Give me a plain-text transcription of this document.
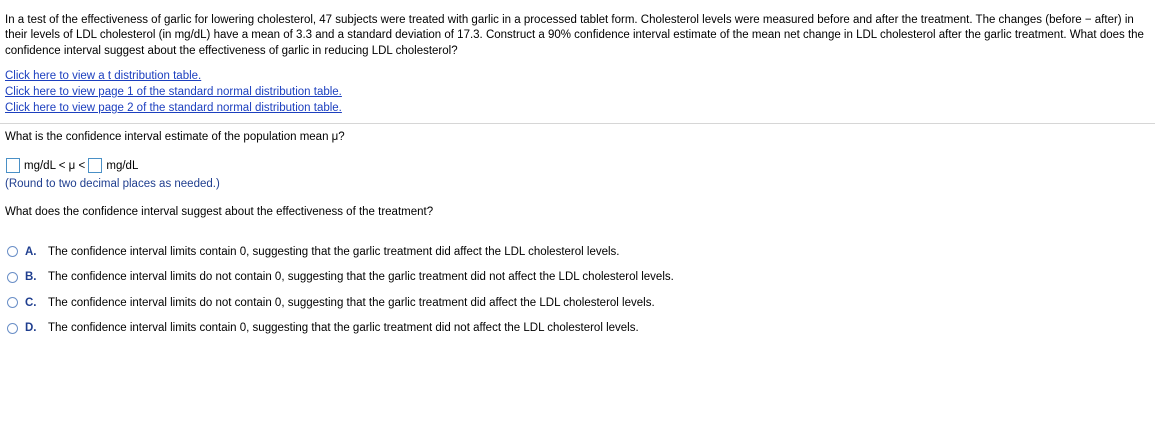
In a test of the effectiveness of garlic for lowering cholesterol, 47 subjects were treated with garlic in a processed tablet form. Cholesterol levels were measured before and after the treatment. The changes (before − after) in their levels of LDL cholesterol (in mg/dL) have a mean of 3.3 and a standard deviation of 17.3. Construct a 90% confidence interval estimate of the mean net change in LDL cholesterol after the garlic treatment. What does the confidence interval suggest about the effectiveness of garlic in reducing LDL cholesterol?

Click here to view a t distribution table.
Click here to view page 1 of the standard normal distribution table.
Click here to view page 2 of the standard normal distribution table.

What is the confidence interval estimate of the population mean μ?

mg/dL < μ < mg/dL
(Round to two decimal places as needed.)

What does the confidence interval suggest about the effectiveness of the treatment?

A.	The confidence interval limits contain 0, suggesting that the garlic treatment did affect the LDL cholesterol levels.
B.	The confidence interval limits do not contain 0, suggesting that the garlic treatment did not affect the LDL cholesterol levels.
C.	The confidence interval limits do not contain 0, suggesting that the garlic treatment did affect the LDL cholesterol levels.
D.	The confidence interval limits contain 0, suggesting that the garlic treatment did not affect the LDL cholesterol levels.
